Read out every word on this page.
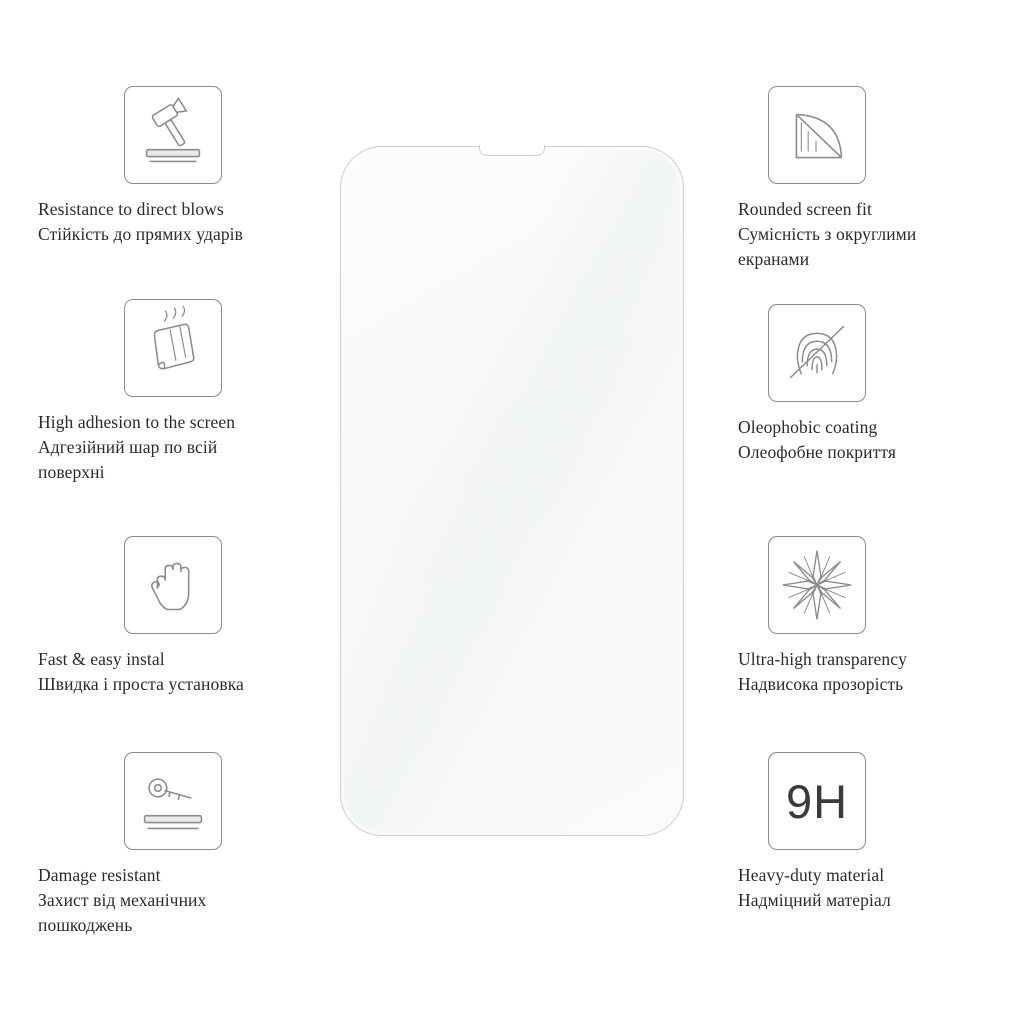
Resistance to direct blows
Стійкість до прямих ударів
High adhesion to the screen
Адгезійний шар по всій
поверхні
Fast & easy instal
Швидка і проста установка
Damage resistant
Захист від механічних
пошкоджень
Rounded screen fit
Сумісність з округлими
екранами
Oleophobic coating
Олеофобне покриття
Ultra-high transparency
Надвисока прозорість
9H
Heavy-duty material
Надміцний матеріал
